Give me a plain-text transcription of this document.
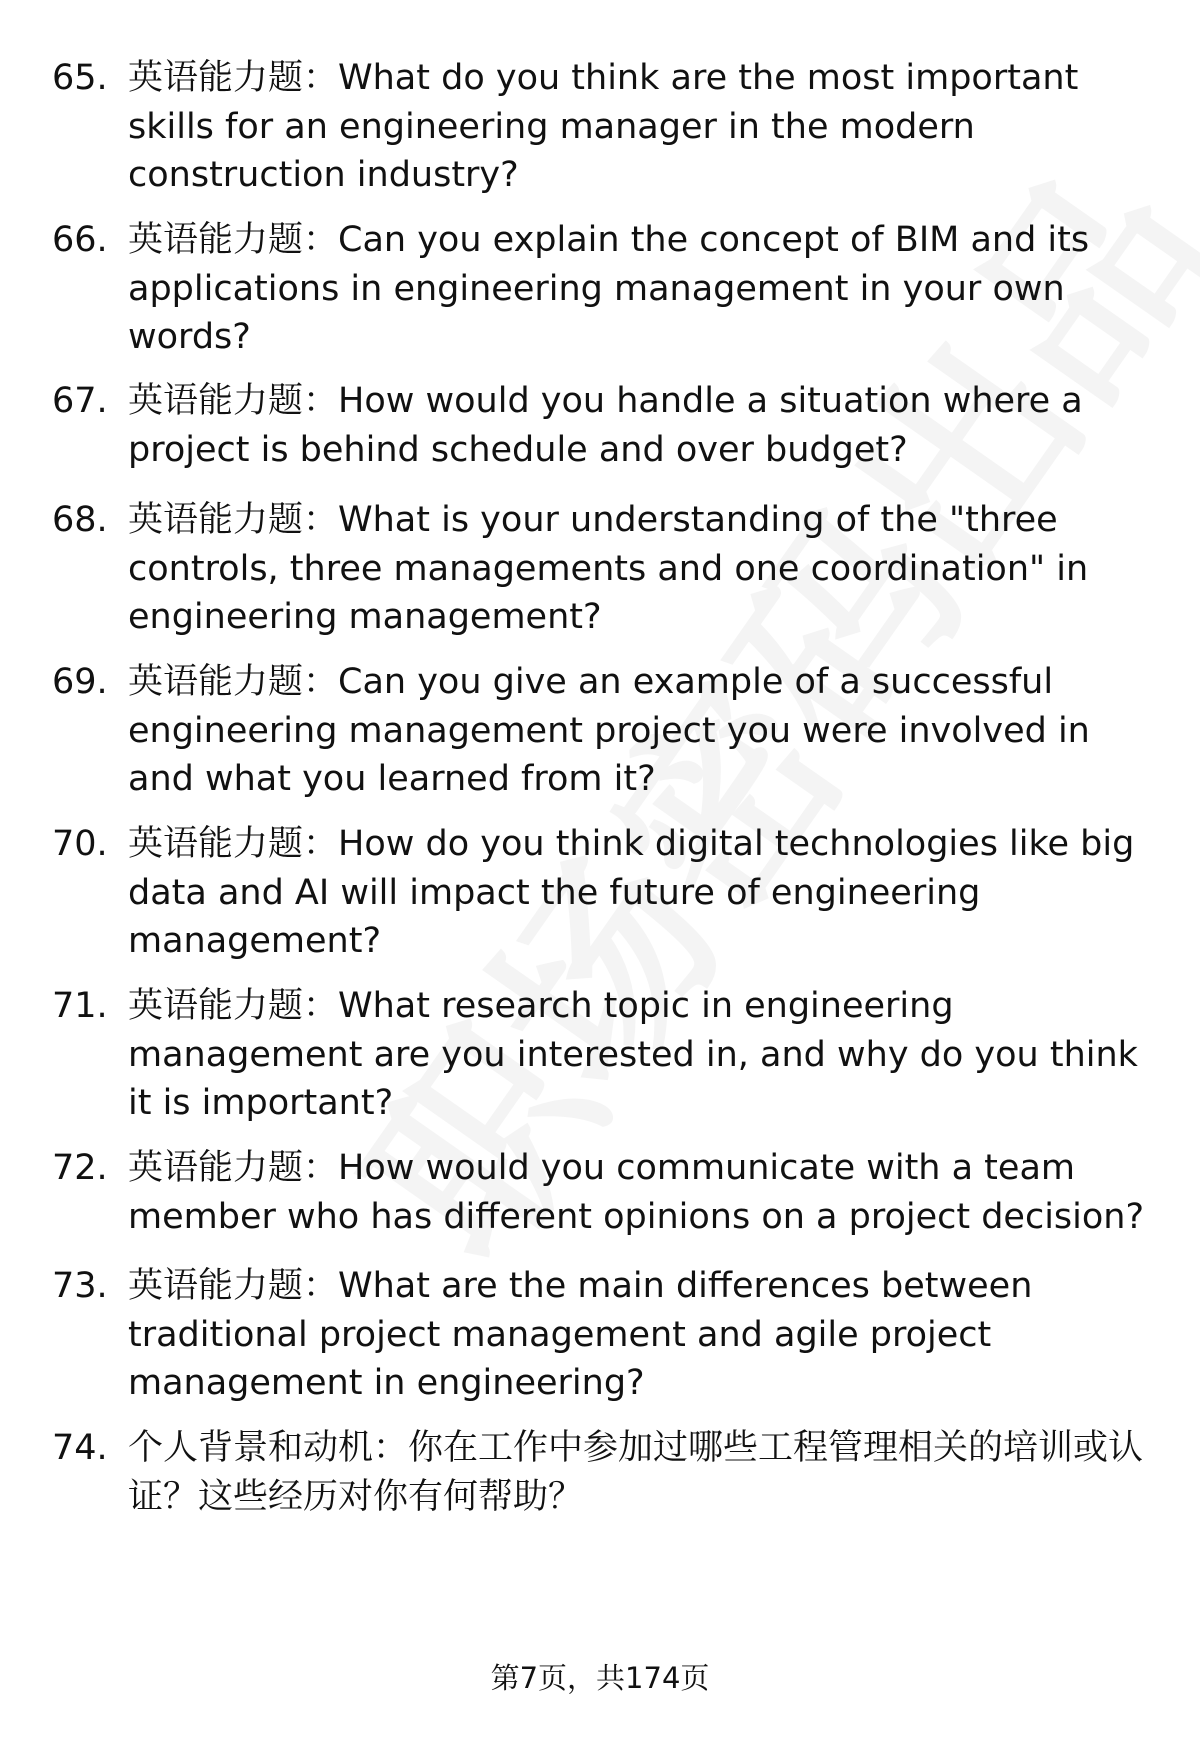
65. 英语能力题：What do you think are the most important skills for an engineering manager in the modern construction industry?
66. 英语能力题：Can you explain the concept of BIM and its applications in engineering management in your own words?
67. 英语能力题：How would you handle a situation where a project is behind schedule and over budget?
68. 英语能力题：What is your understanding of the "three controls, three managements and one coordination" in engineering management?
69. 英语能力题：Can you give an example of a successful engineering management project you were involved in and what you learned from it?
70. 英语能力题：How do you think digital technologies like big data and AI will impact the future of engineering management?
71. 英语能力题：What research topic in engineering management are you interested in, and why do you think it is important?
72. 英语能力题：How would you communicate with a team member who has different opinions on a project decision?
73. 英语能力题：What are the main differences between traditional project management and agile project management in engineering?
74. 个人背景和动机：你在工作中参加过哪些工程管理相关的培训或认证？这些经历对你有何帮助？
第7页，共174页
